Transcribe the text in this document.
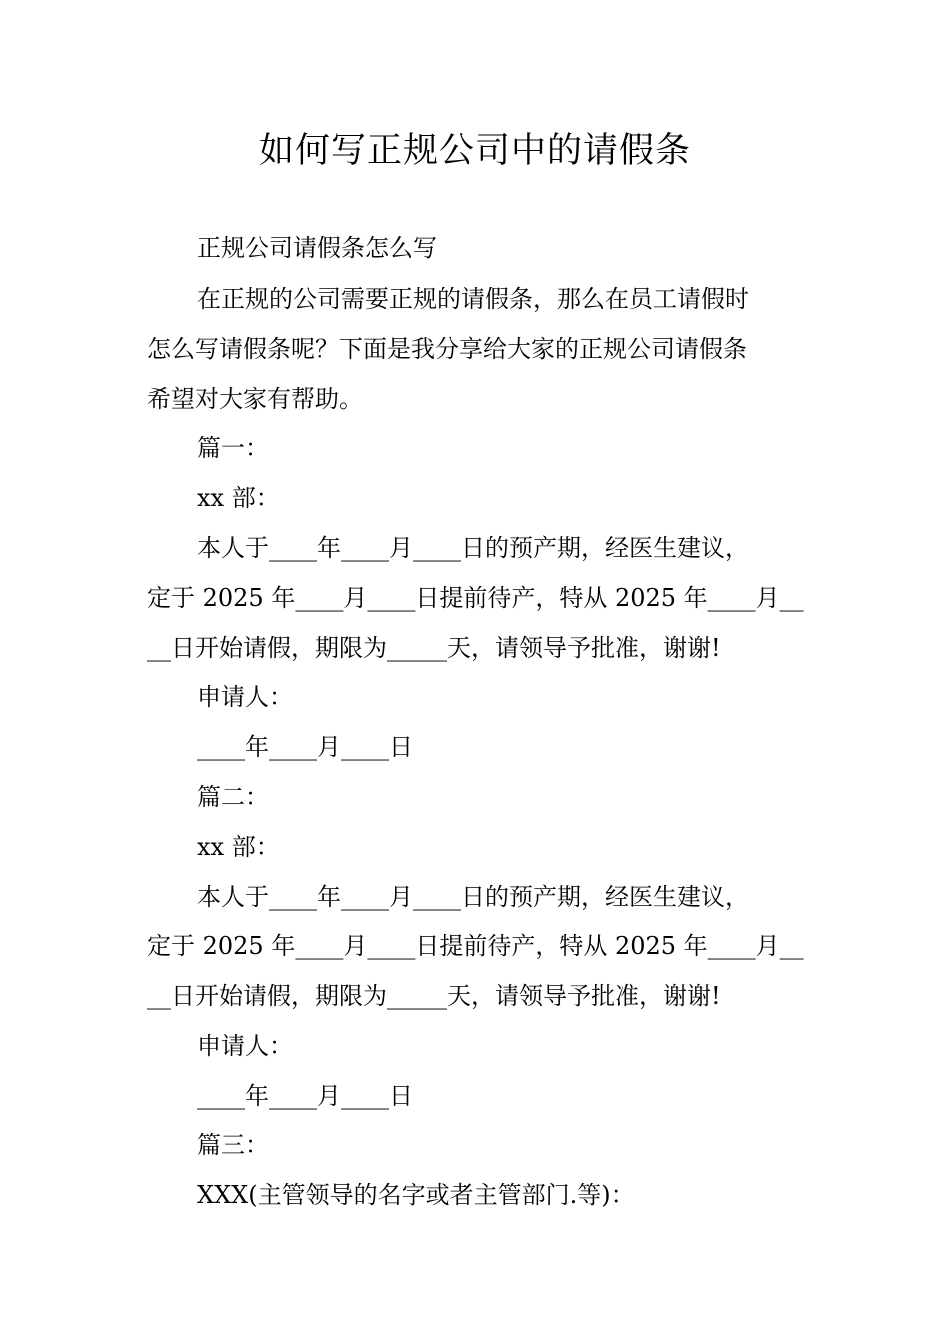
如何写正规公司中的请假条

正规公司请假条怎么写

在正规的公司需要正规的请假条，那么在员工请假时

怎么写请假条呢？下面是我分享给大家的正规公司请假条

希望对大家有帮助。

篇一：

xx 部：

本人于____年____月____日的预产期，经医生建议，

定于 2025 年____月____日提前待产，特从 2025 年____月__

__日开始请假，期限为_____天，请领导予批准，谢谢!

申请人：

____年____月____日

篇二：

xx 部：

本人于____年____月____日的预产期，经医生建议，

定于 2025 年____月____日提前待产，特从 2025 年____月__

__日开始请假，期限为_____天，请领导予批准，谢谢!

申请人：

____年____月____日

篇三：

XXX(主管领导的名字或者主管部门.等)：
